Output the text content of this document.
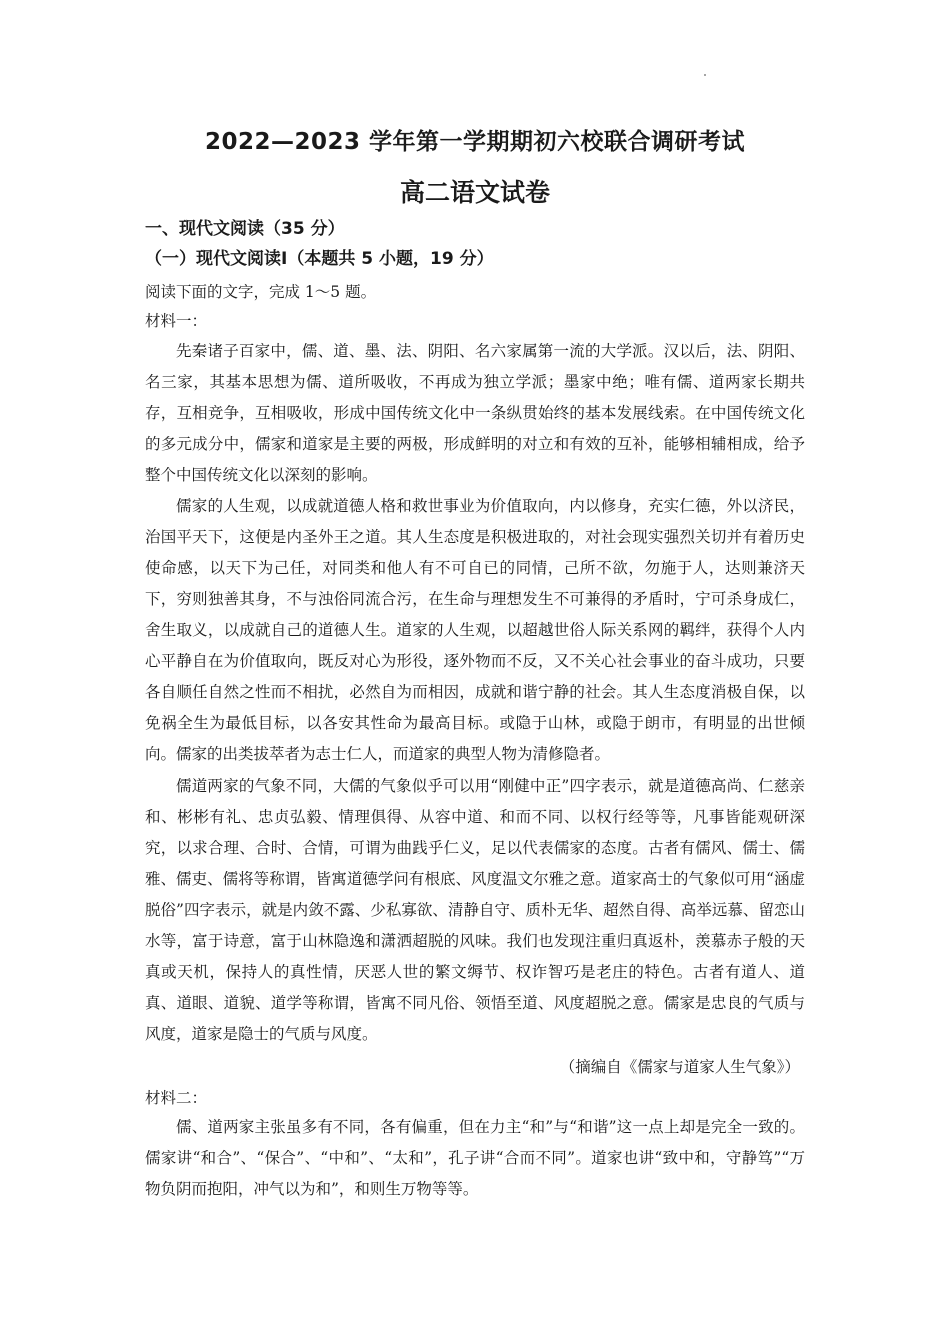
2022—2023 学年第一学期期初六校联合调研考试
高二语文试卷
一、现代文阅读（35 分）
（一）现代文阅读Ⅰ（本题共 5 小题，19 分）
阅读下面的文字，完成 1～5 题。
材料一：

先秦诸子百家中，儒、道、墨、法、阴阳、名六家属第一流的大学派。汉以后，法、阴阳、名三家，其基本思想为儒、道所吸收，不再成为独立学派；墨家中绝；唯有儒、道两家长期共存，互相竞争，互相吸收，形成中国传统文化中一条纵贯始终的基本发展线索。在中国传统文化的多元成分中，儒家和道家是主要的两极，形成鲜明的对立和有效的互补，能够相辅相成，给予整个中国传统文化以深刻的影响。

儒家的人生观，以成就道德人格和救世事业为价值取向，内以修身，充实仁德，外以济民，治国平天下，这便是内圣外王之道。其人生态度是积极进取的，对社会现实强烈关切并有着历史使命感，以天下为己任，对同类和他人有不可自已的同情，己所不欲，勿施于人，达则兼济天下，穷则独善其身，不与浊俗同流合污，在生命与理想发生不可兼得的矛盾时，宁可杀身成仁，舍生取义，以成就自己的道德人生。道家的人生观，以超越世俗人际关系网的羁绊，获得个人内心平静自在为价值取向，既反对心为形役，逐外物而不反，又不关心社会事业的奋斗成功，只要各自顺任自然之性而不相扰，必然自为而相因，成就和谐宁静的社会。其人生态度消极自保，以免祸全生为最低目标，以各安其性命为最高目标。或隐于山林，或隐于朗市，有明显的出世倾向。儒家的出类拔萃者为志士仁人，而道家的典型人物为清修隐者。

儒道两家的气象不同，大儒的气象似乎可以用“刚健中正”四字表示，就是道德高尚、仁慈亲和、彬彬有礼、忠贞弘毅、情理俱得、从容中道、和而不同、以权行经等等，凡事皆能观研深究，以求合理、合时、合情，可谓为曲践乎仁义，足以代表儒家的态度。古者有儒风、儒士、儒雅、儒吏、儒将等称谓，皆寓道德学问有根底、风度温文尔雅之意。道家高士的气象似可用“涵虚脱俗”四字表示，就是内敛不露、少私寡欲、清静自守、质朴无华、超然自得、高举远慕、留恋山水等，富于诗意，富于山林隐逸和潇洒超脱的风味。我们也发现注重归真返朴，羡慕赤子般的天真或天机，保持人的真性情，厌恶人世的繁文缛节、权诈智巧是老庄的特色。古者有道人、道真、道眼、道貌、道学等称谓，皆寓不同凡俗、领悟至道、风度超脱之意。儒家是忠良的气质与风度，道家是隐士的气质与风度。

（摘编自《儒家与道家人生气象》）
材料二：

儒、道两家主张虽多有不同，各有偏重，但在力主“和”与“和谐”这一点上却是完全一致的。儒家讲“和合”、“保合”、“中和”、“太和”，孔子讲“合而不同”。道家也讲“致中和，守静笃”“万物负阴而抱阳，冲气以为和”，和则生万物等等。
